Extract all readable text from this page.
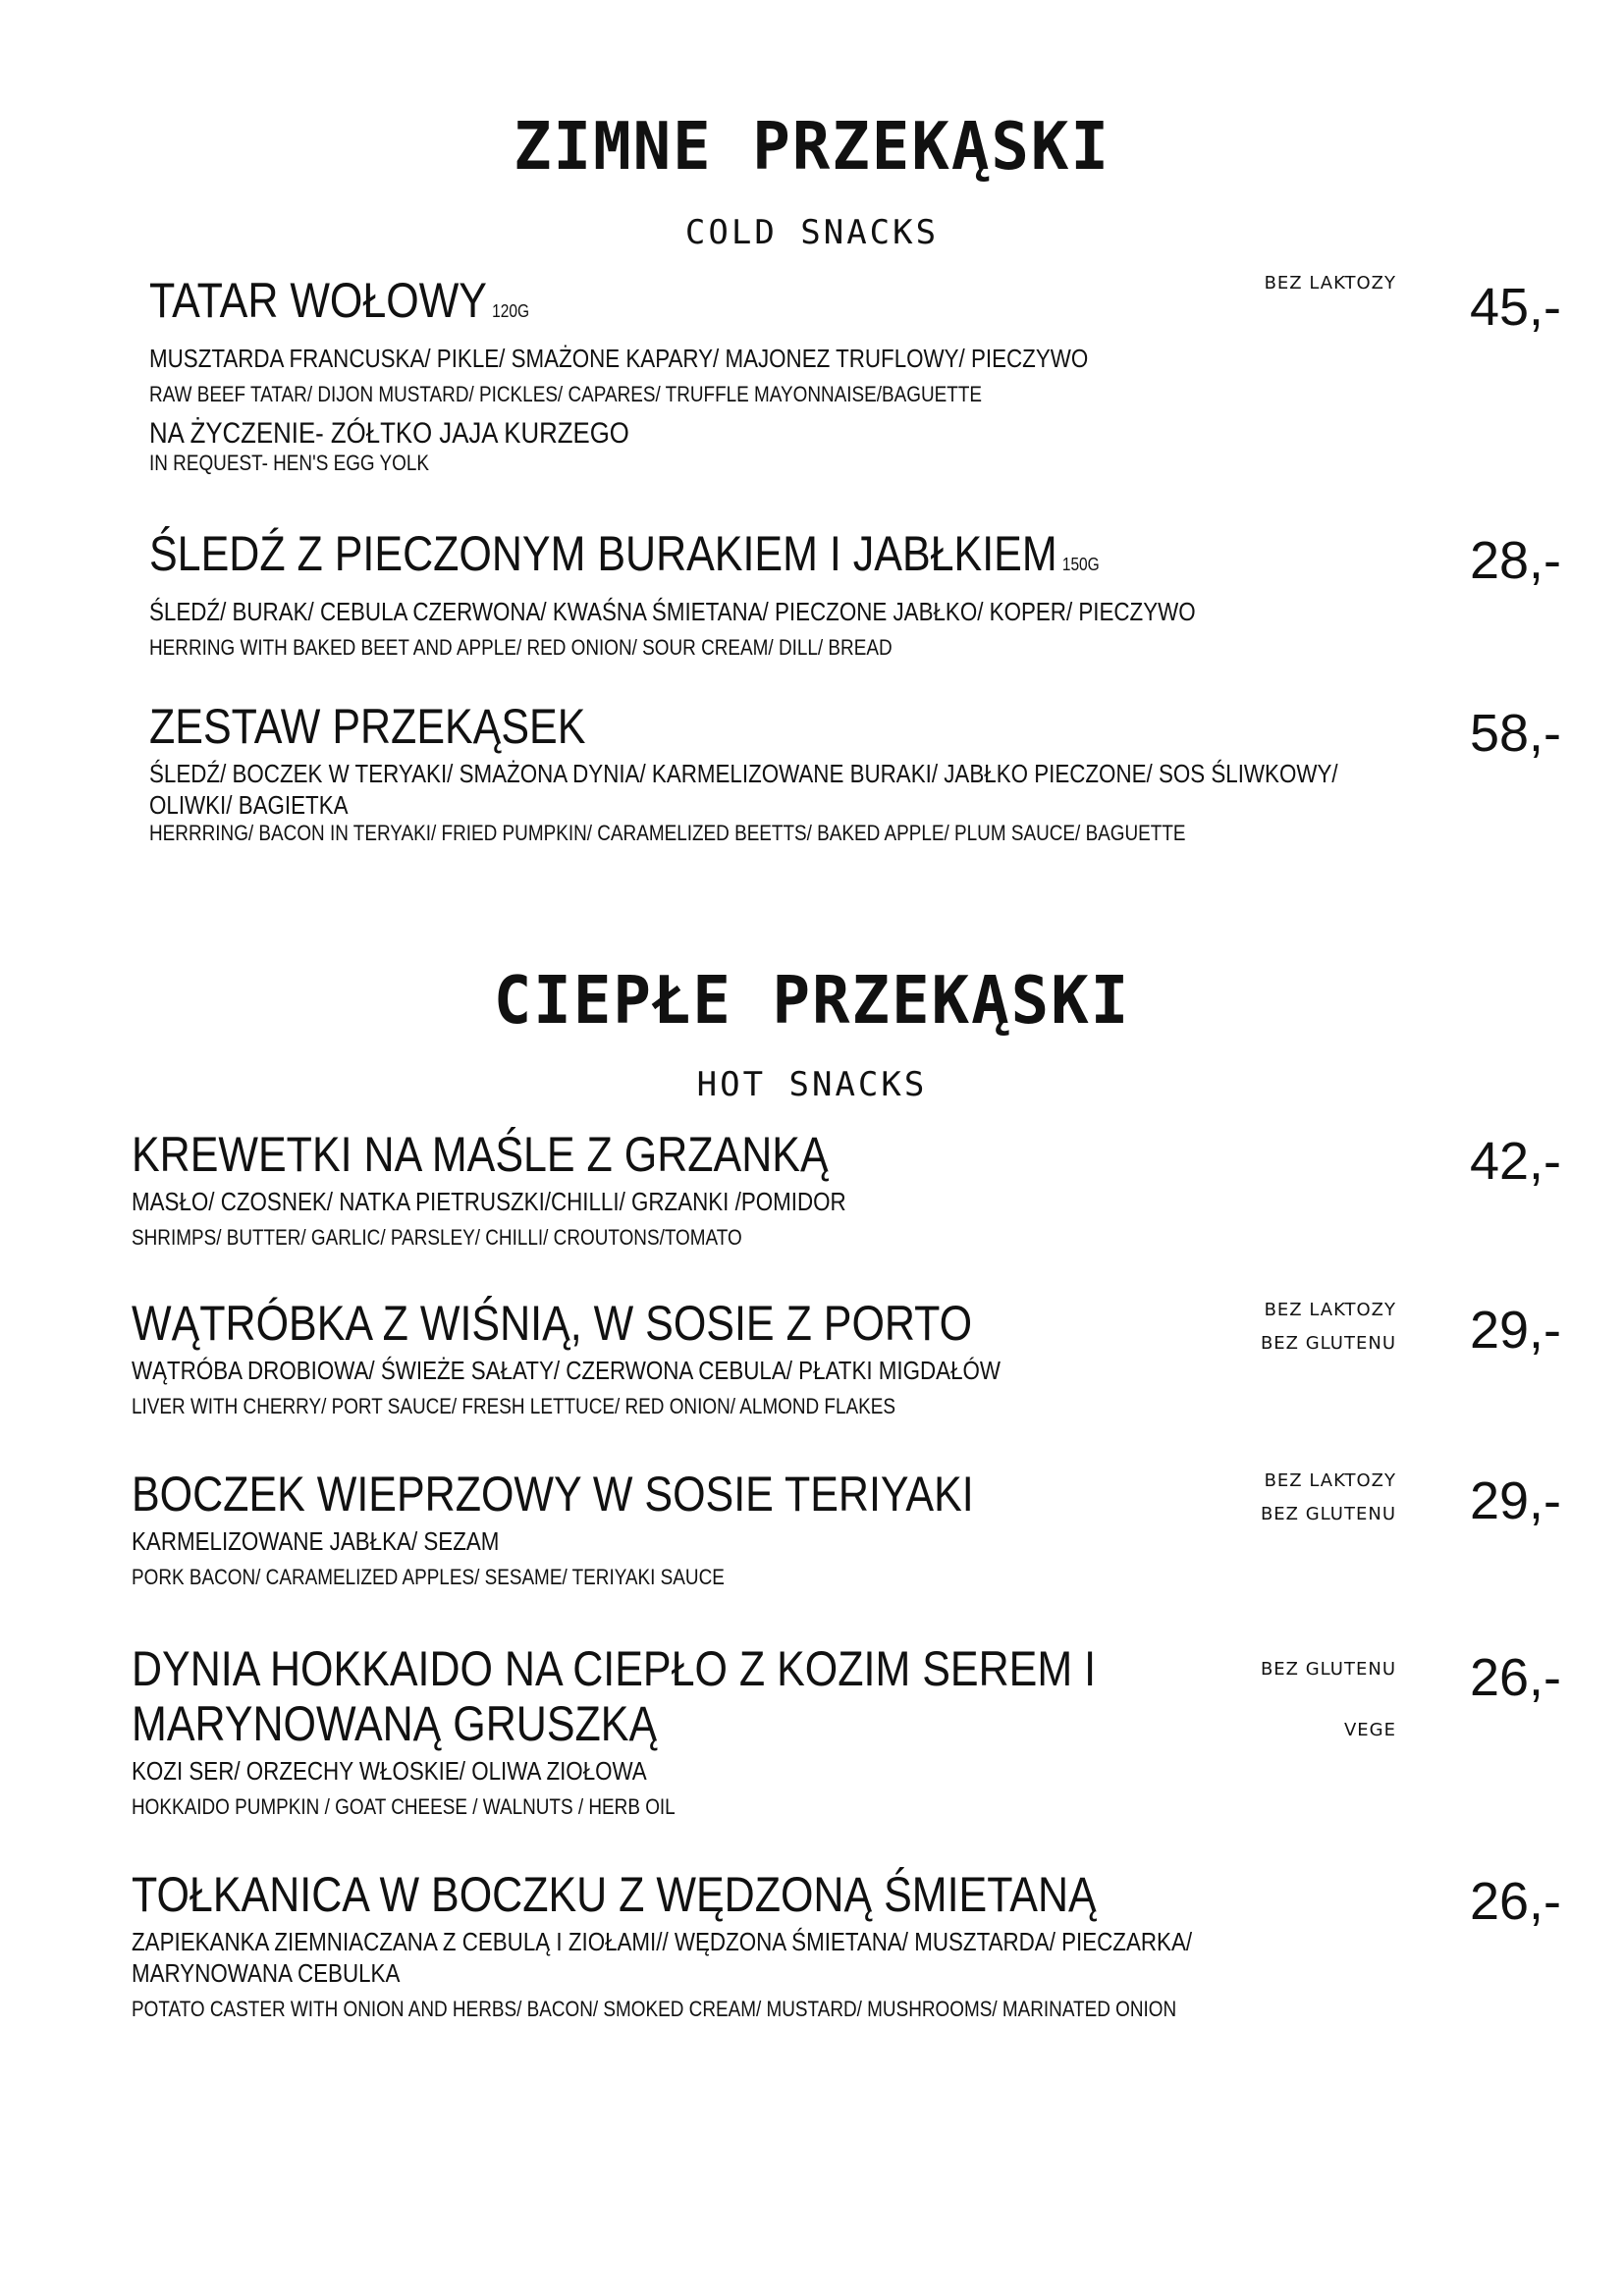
ZIMNE PRZEKĄSKI
COLD SNACKS
TATAR WOŁOWY 120G
MUSZTARDA FRANCUSKA/ PIKLE/ SMAŻONE KAPARY/ MAJONEZ TRUFLOWY/ PIECZYWO
RAW BEEF TATAR/ DIJON MUSTARD/ PICKLES/ CAPARES/ TRUFFLE MAYONNAISE/BAGUETTE
NA ŻYCZENIE- ZÓŁTKO JAJA KURZEGO
IN REQUEST- HEN'S EGG YOLK
BEZ LAKTOZY	45,-
ŚLEDŹ Z PIECZONYM BURAKIEM I JABŁKIEM 150G
ŚLEDŹ/ BURAK/ CEBULA CZERWONA/ KWAŚNA ŚMIETANA/ PIECZONE JABŁKO/ KOPER/ PIECZYWO
HERRING WITH BAKED BEET AND APPLE/ RED ONION/ SOUR CREAM/ DILL/ BREAD
28,-
ZESTAW PRZEKĄSEK
ŚLEDŹ/ BOCZEK W TERYAKI/ SMAŻONA DYNIA/ KARMELIZOWANE BURAKI/ JABŁKO PIECZONE/ SOS ŚLIWKOWY/ OLIWKI/ BAGIETKA
HERRRING/ BACON IN TERYAKI/ FRIED PUMPKIN/ CARAMELIZED BEETTS/ BAKED APPLE/ PLUM SAUCE/ BAGUETTE
58,-
CIEPŁE PRZEKĄSKI
HOT SNACKS
KREWETKI NA MAŚLE Z GRZANKĄ
MASŁO/ CZOSNEK/ NATKA PIETRUSZKI/CHILLI/ GRZANKI /POMIDOR
SHRIMPS/ BUTTER/ GARLIC/ PARSLEY/ CHILLI/ CROUTONS/TOMATO
42,-
WĄTRÓBKA Z WIŚNIĄ, W SOSIE Z PORTO
WĄTRÓBA DROBIOWA/ ŚWIEŻE SAŁATY/ CZERWONA CEBULA/ PŁATKI MIGDAŁÓW
LIVER WITH CHERRY/ PORT SAUCE/ FRESH LETTUCE/ RED ONION/ ALMOND FLAKES
BEZ LAKTOZY
BEZ GLUTENU	29,-
BOCZEK WIEPRZOWY W SOSIE TERIYAKI
KARMELIZOWANE JABŁKA/ SEZAM
PORK BACON/ CARAMELIZED APPLES/ SESAME/ TERIYAKI SAUCE
BEZ LAKTOZY
BEZ GLUTENU	29,-
DYNIA HOKKAIDO NA CIEPŁO Z KOZIM SEREM I MARYNOWANĄ GRUSZKĄ
KOZI SER/ ORZECHY WŁOSKIE/ OLIWA ZIOŁOWA
HOKKAIDO PUMPKIN / GOAT CHEESE / WALNUTS / HERB OIL
BEZ GLUTENU
VEGE
26,-
TOŁKANICA W BOCZKU Z WĘDZONĄ ŚMIETANĄ
ZAPIEKANKA ZIEMNIACZANA Z CEBULĄ I ZIOŁAMI// WĘDZONA ŚMIETANA/ MUSZTARDA/ PIECZARKA/ MARYNOWANA CEBULKA
POTATO CASTER WITH ONION AND HERBS/ BACON/ SMOKED CREAM/ MUSTARD/ MUSHROOMS/ MARINATED ONION
26,-
